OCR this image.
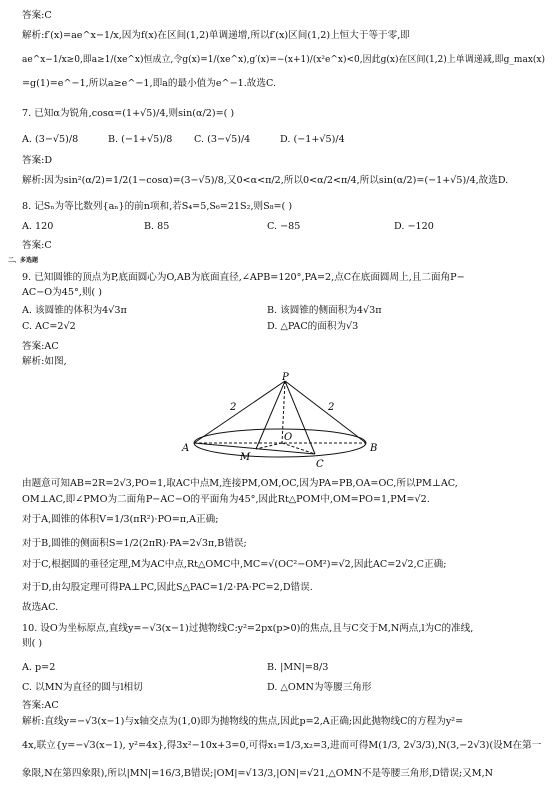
答案:C
解析:f′(x)=ae^x−1/x,因为f(x)在区间(1,2)单调递增,所以f′(x)区间(1,2)上恒大于等于零,即
ae^x−1/x≥0,即a≥1/(xe^x)恒成立,令g(x)=1/(xe^x),g′(x)=−(x+1)/(x²e^x)<0,因此g(x)在区间(1,2)上单调递减,即g_max(x)
=g(1)=e^−1,所以a≥e^−1,即a的最小值为e^−1.故选C.
7. 已知α为锐角,cosα=(1+√5)/4,则sin(α/2)=( )
A. (3−√5)/8	B. (−1+√5)/8 C. (3−√5)/4	D. (−1+√5)/4
答案:D
解析:因为sin²(α/2)=1/2(1−cosα)=(3−√5)/8,又0<α<π/2,所以0<α/2<π/4,所以sin(α/2)=(−1+√5)/4,故选D.
8. 记Sₙ为等比数列{aₙ}的前n项和,若S₄=5,S₆=21S₂,则S₈=( )
A. 120	B. 85	C. −85	D. −120
答案:C
二、多选题
9. 已知圆锥的顶点为P,底面圆心为O,AB为底面直径,∠APB=120°,PA=2,点C在底面圆周上,且二面角P−
AC−O为45°,则( )
A. 该圆锥的体积为4√3π	B. 该圆锥的侧面积为4√3π
C. AC=2√2	D. △PAC的面积为√3
答案:AC
解析:如图,
P
A	B
C
O
M
2	2
由题意可知AB=2R=2√3,PO=1,取AC中点M,连接PM,OM,OC,因为PA=PB,OA=OC,所以PM⊥AC,
OM⊥AC,即∠PMO为二面角P−AC−O的平面角为45°,因此Rt△POM中,OM=PO=1,PM=√2.
对于A,圆锥的体积V=1/3(πR²)·PO=π,A正确;
对于B,圆锥的侧面积S=1/2(2πR)·PA=2√3π,B错误;
对于C,根据圆的垂径定理,M为AC中点,Rt△OMC中,MC=√(OC²−OM²)=√2,因此AC=2√2,C正确;
对于D,由勾股定理可得PA⊥PC,因此S△PAC=1/2·PA·PC=2,D错误.
故选AC.
10. 设O为坐标原点,直线y=−√3(x−1)过抛物线C:y²=2px(p>0)的焦点,且与C交于M,N两点,l为C的准线,
则( )
A. p=2	B. |MN|=8/3
C. 以MN为直径的圆与l相切	D. △OMN为等腰三角形
答案:AC
解析:直线y=−√3(x−1)与x轴交点为(1,0)即为抛物线的焦点,因此p=2,A正确;因此抛物线C的方程为y²=
4x,联立{y=−√3(x−1), y²=4x},得3x²−10x+3=0,可得x₁=1/3,x₂=3,进而可得M(1/3, 2√3/3),N(3,−2√3)(设M在第一
象限,N在第四象限),所以|MN|=16/3,B错误;|OM|=√13/3,|ON|=√21,△OMN不是等腰三角形,D错误;又M,N
